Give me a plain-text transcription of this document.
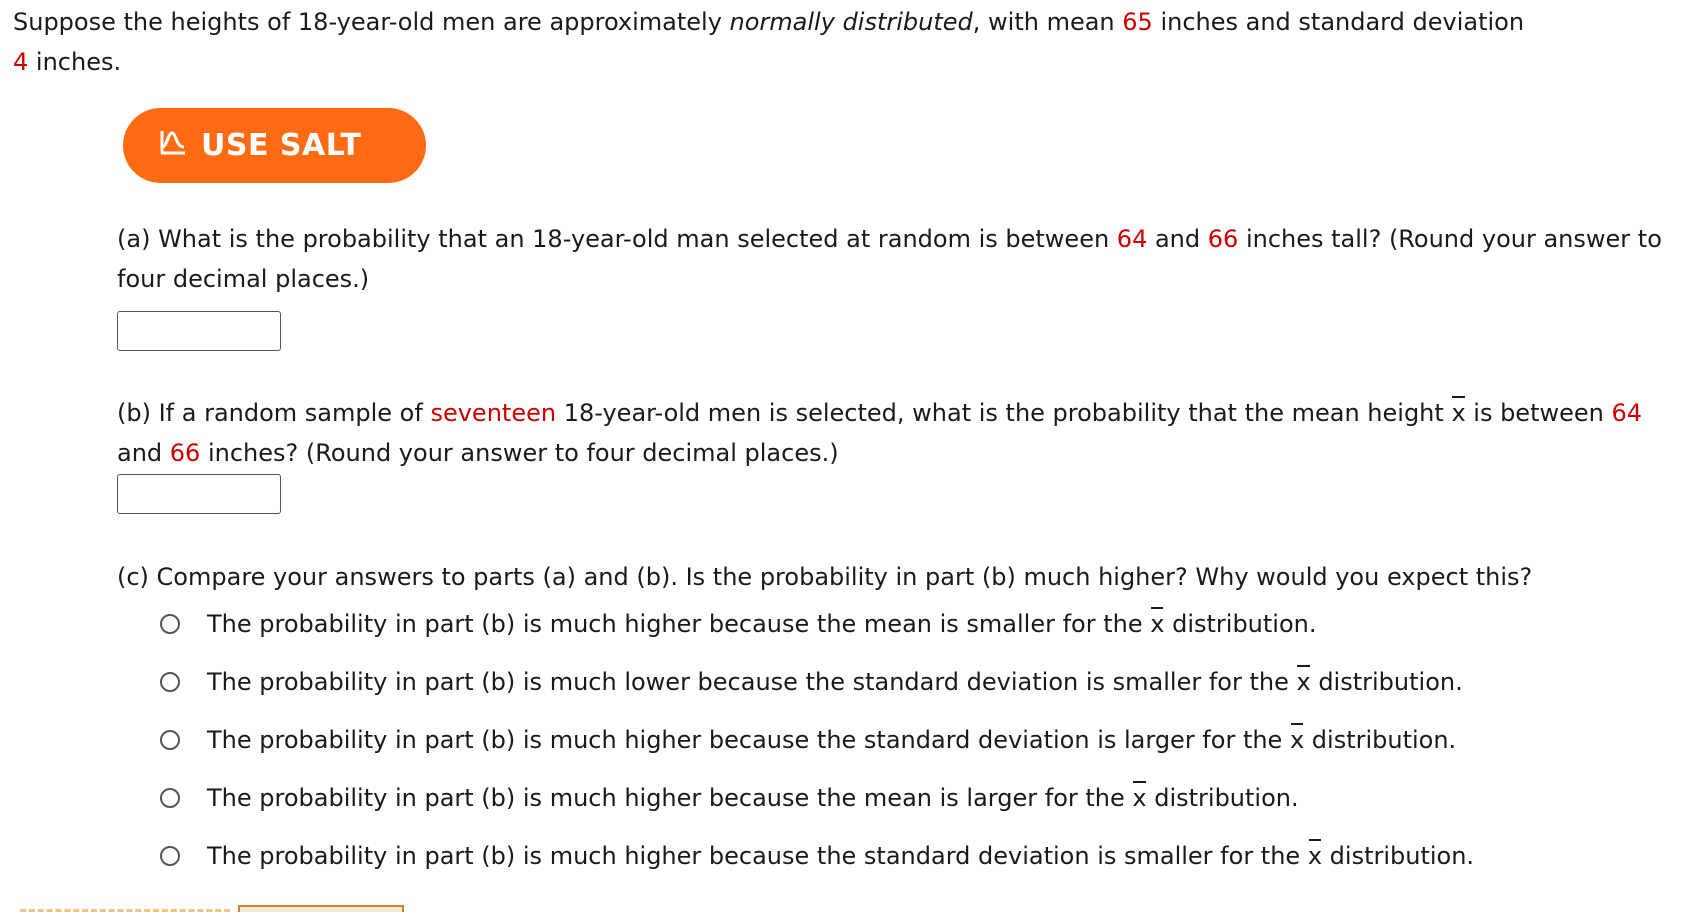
Suppose the heights of 18-year-old men are approximately normally distributed, with mean 65 inches and standard deviation
4 inches.
USE SALT
(a) What is the probability that an 18-year-old man selected at random is between 64 and 66 inches tall? (Round your answer to four decimal places.)
(b) If a random sample of seventeen 18-year-old men is selected, what is the probability that the mean height x is between 64 and 66 inches? (Round your answer to four decimal places.)
(c) Compare your answers to parts (a) and (b). Is the probability in part (b) much higher? Why would you expect this?
The probability in part (b) is much higher because the mean is smaller for the x distribution.
The probability in part (b) is much lower because the standard deviation is smaller for the x distribution.
The probability in part (b) is much higher because the standard deviation is larger for the x distribution.
The probability in part (b) is much higher because the mean is larger for the x distribution.
The probability in part (b) is much higher because the standard deviation is smaller for the x distribution.
